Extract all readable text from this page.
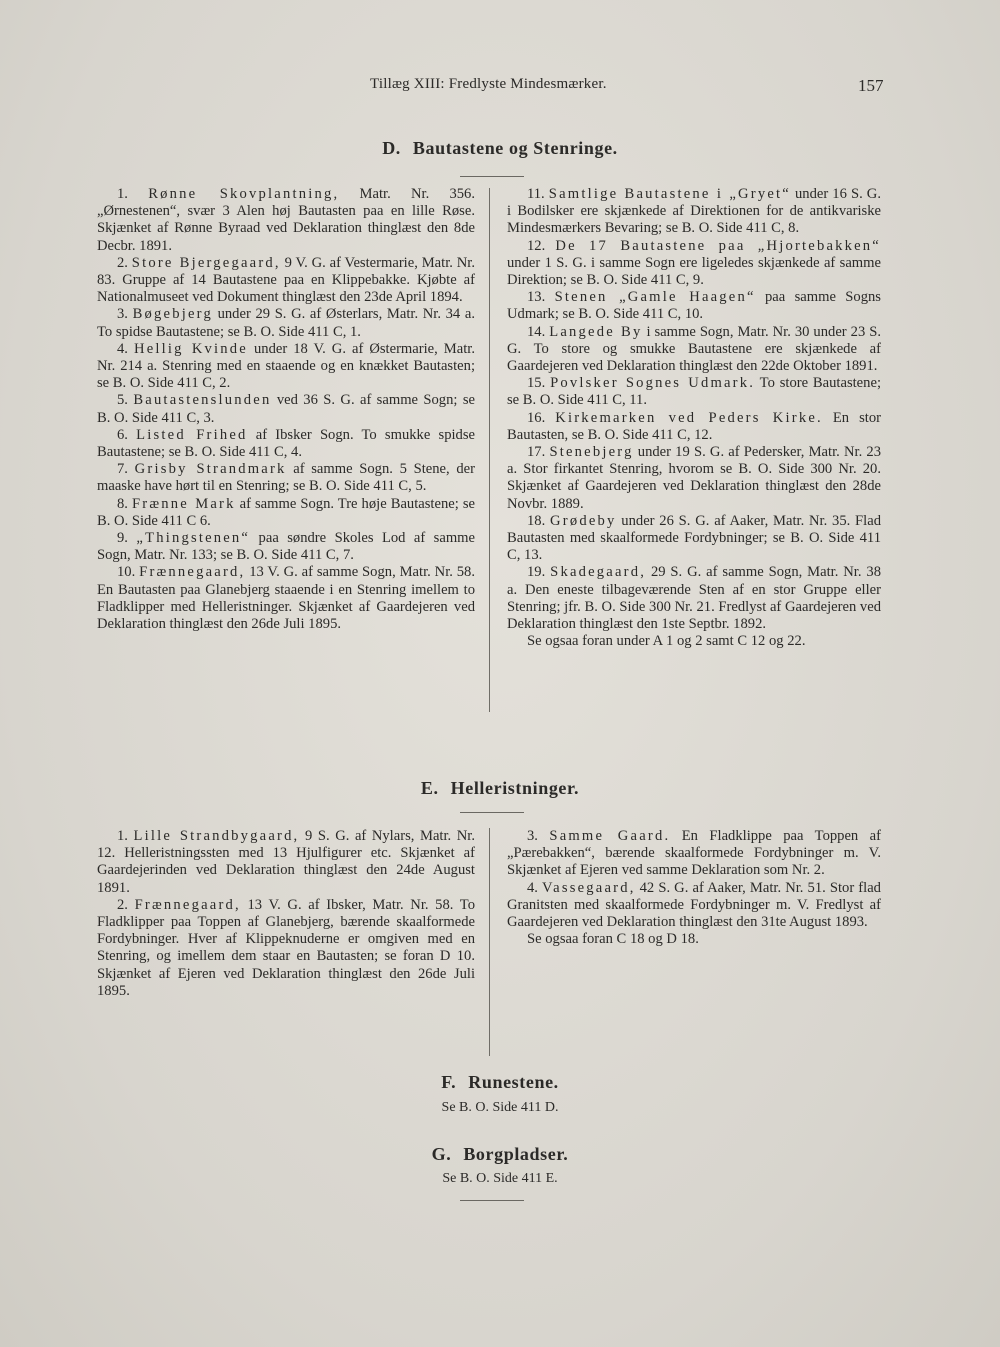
Tillæg XIII: Fredlyste Mindesmærker.	157
D. Bautastene og Stenringe.

1. Rønne Skovplantning, Matr. Nr. 356. „Ørnestenen“, svær 3 Alen høj Bautasten paa en lille Røse. Skjænket af Rønne Byraad ved Deklaration thinglæst den 8de Decbr. 1891.

2. Store Bjergegaard, 9 V. G. af Vestermarie, Matr. Nr. 83. Gruppe af 14 Bautastene paa en Klippebakke. Kjøbte af Nationalmuseet ved Dokument thinglæst den 23de April 1894.

3. Bøgebjerg under 29 S. G. af Østerlars, Matr. Nr. 34 a. To spidse Bautastene; se B. O. Side 411 C, 1.

4. Hellig Kvinde under 18 V. G. af Østermarie, Matr. Nr. 214 a. Stenring med en staaende og en knækket Bautasten; se B. O. Side 411 C, 2.

5. Bautastenslunden ved 36 S. G. af samme Sogn; se B. O. Side 411 C, 3.

6. Listed Frihed af Ibsker Sogn. To smukke spidse Bautastene; se B. O. Side 411 C, 4.

7. Grisby Strandmark af samme Sogn. 5 Stene, der maaske have hørt til en Stenring; se B. O. Side 411 C, 5.

8. Frænne Mark af samme Sogn. Tre høje Bautastene; se B. O. Side 411 C 6.

9. „Thingstenen“ paa søndre Skoles Lod af samme Sogn, Matr. Nr. 133; se B. O. Side 411 C, 7.

10. Frænnegaard, 13 V. G. af samme Sogn, Matr. Nr. 58. En Bautasten paa Glanebjerg staaende i en Stenring imellem to Fladklipper med Helleristninger. Skjænket af Gaardejeren ved Deklaration thinglæst den 26de Juli 1895.

11. Samtlige Bautastene i „Gryet“ under 16 S. G. i Bodilsker ere skjænkede af Direktionen for de antikvariske Mindesmærkers Bevaring; se B. O. Side 411 C, 8.

12. De 17 Bautastene paa „Hjortebakken“ under 1 S. G. i samme Sogn ere ligeledes skjænkede af samme Direktion; se B. O. Side 411 C, 9.

13. Stenen „Gamle Haagen“ paa samme Sogns Udmark; se B. O. Side 411 C, 10.

14. Langede By i samme Sogn, Matr. Nr. 30 under 23 S. G. To store og smukke Bautastene ere skjænkede af Gaardejeren ved Deklaration thinglæst den 22de Oktober 1891.

15. Povlsker Sognes Udmark. To store Bautastene; se B. O. Side 411 C, 11.

16. Kirkemarken ved Peders Kirke. En stor Bautasten, se B. O. Side 411 C, 12.

17. Stenebjerg under 19 S. G. af Pedersker, Matr. Nr. 23 a. Stor firkantet Stenring, hvorom se B. O. Side 300 Nr. 20. Skjænket af Gaardejeren ved Deklaration thinglæst den 28de Novbr. 1889.

18. Grødeby under 26 S. G. af Aaker, Matr. Nr. 35. Flad Bautasten med skaalformede Fordybninger; se B. O. Side 411 C, 13.

19. Skadegaard, 29 S. G. af samme Sogn, Matr. Nr. 38 a. Den eneste tilbageværende Sten af en stor Gruppe eller Stenring; jfr. B. O. Side 300 Nr. 21. Fredlyst af Gaardejeren ved Deklaration thinglæst den 1ste Septbr. 1892.

Se ogsaa foran under A 1 og 2 samt C 12 og 22.

E. Helleristninger.

1. Lille Strandbygaard, 9 S. G. af Nylars, Matr. Nr. 12. Helleristningssten med 13 Hjulfigurer etc. Skjænket af Gaardejerinden ved Deklaration thinglæst den 24de August 1891.

2. Frænnegaard, 13 V. G. af Ibsker, Matr. Nr. 58. To Fladklipper paa Toppen af Glanebjerg, bærende skaalformede Fordybninger. Hver af Klippeknuderne er omgiven med en Stenring, og imellem dem staar en Bautasten; se foran D 10. Skjænket af Ejeren ved Deklaration thinglæst den 26de Juli 1895.

3. Samme Gaard. En Fladklippe paa Toppen af „Pærebakken“, bærende skaalformede Fordybninger m. V. Skjænket af Ejeren ved samme Deklaration som Nr. 2.

4. Vassegaard, 42 S. G. af Aaker, Matr. Nr. 51. Stor flad Granitsten med skaalformede Fordybninger m. V. Fredlyst af Gaardejeren ved Deklaration thinglæst den 31te August 1893.

Se ogsaa foran C 18 og D 18.

F. Runestene.
Se B. O. Side 411 D.
G. Borgpladser.
Se B. O. Side 411 E.
